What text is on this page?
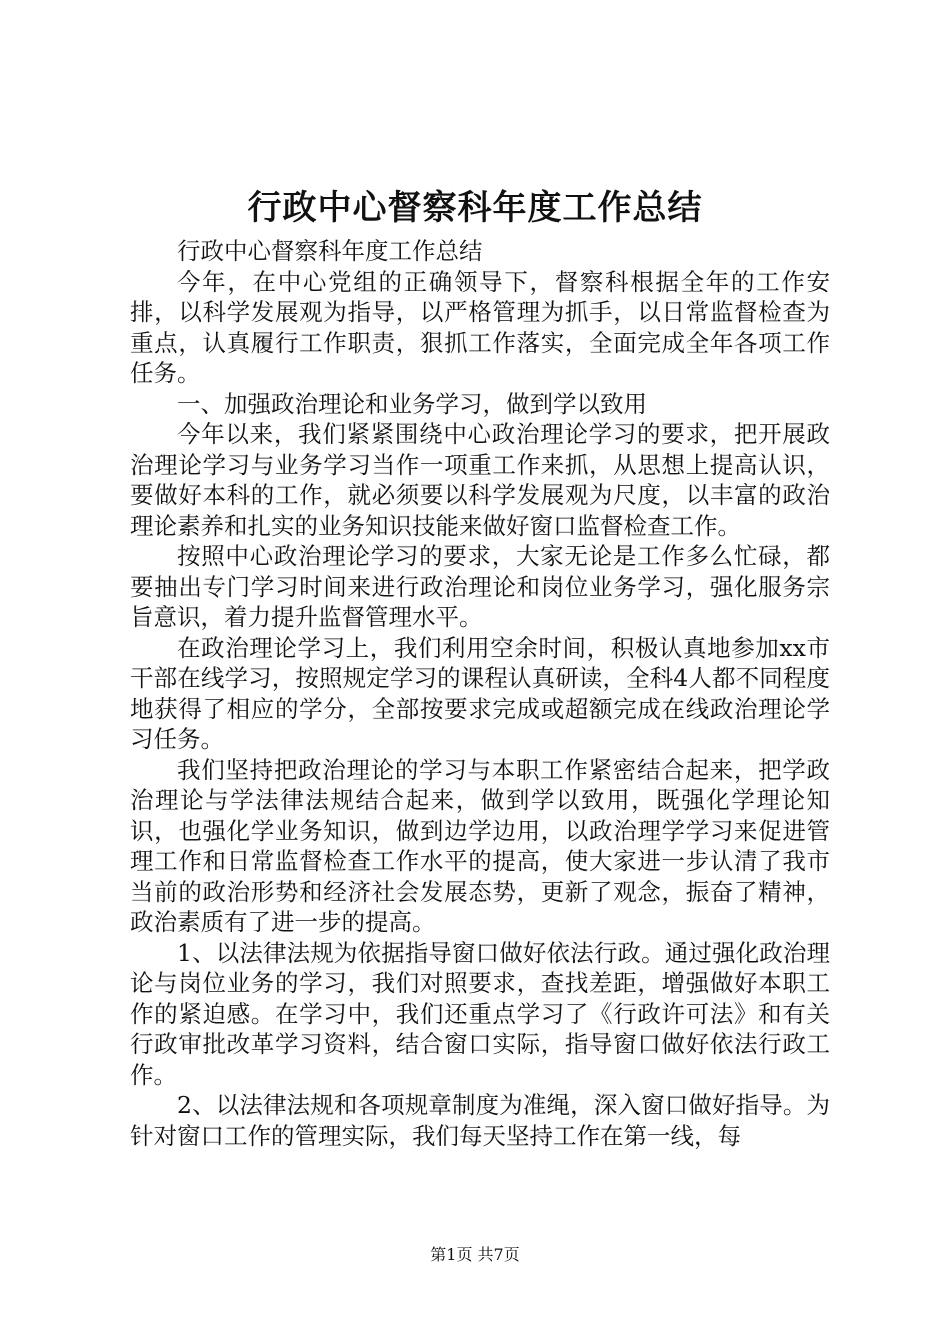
行政中心督察科年度工作总结

行政中心督察科年度工作总结

今年，在中心党组的正确领导下，督察科根据全年的工作安排，以科学发展观为指导，以严格管理为抓手，以日常监督检查为重点，认真履行工作职责，狠抓工作落实，全面完成全年各项工作任务。

一、加强政治理论和业务学习，做到学以致用

今年以来，我们紧紧围绕中心政治理论学习的要求，把开展政治理论学习与业务学习当作一项重工作来抓，从思想上提高认识，要做好本科的工作，就必须要以科学发展观为尺度，以丰富的政治理论素养和扎实的业务知识技能来做好窗口监督检查工作。

按照中心政治理论学习的要求，大家无论是工作多么忙碌，都要抽出专门学习时间来进行政治理论和岗位业务学习，强化服务宗旨意识，着力提升监督管理水平。

在政治理论学习上，我们利用空余时间，积极认真地参加xx市干部在线学习，按照规定学习的课程认真研读，全科4人都不同程度地获得了相应的学分，全部按要求完成或超额完成在线政治理论学习任务。

我们坚持把政治理论的学习与本职工作紧密结合起来，把学政治理论与学法律法规结合起来，做到学以致用，既强化学理论知识，也强化学业务知识，做到边学边用，以政治理学学习来促进管理工作和日常监督检查工作水平的提高，使大家进一步认清了我市当前的政治形势和经济社会发展态势，更新了观念，振奋了精神，政治素质有了进一步的提高。

1、以法律法规为依据指导窗口做好依法行政。通过强化政治理论与岗位业务的学习，我们对照要求，查找差距，增强做好本职工作的紧迫感。在学习中，我们还重点学习了《行政许可法》和有关行政审批改革学习资料，结合窗口实际，指导窗口做好依法行政工作。

2、以法律法规和各项规章制度为准绳，深入窗口做好指导。为针对窗口工作的管理实际，我们每天坚持工作在第一线，每

第1页 共7页
